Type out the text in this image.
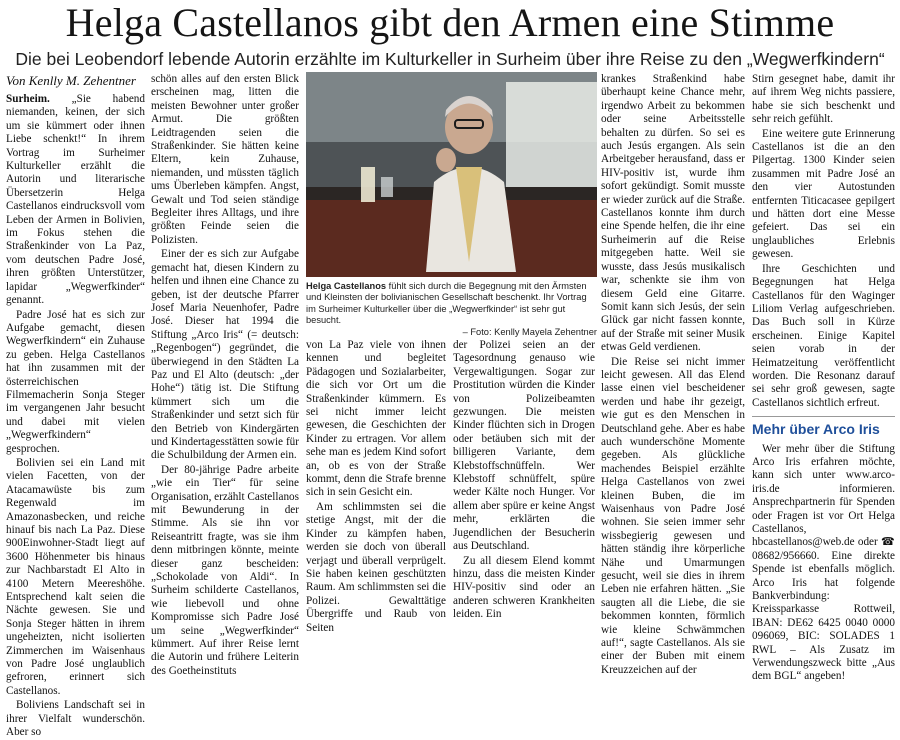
Helga Castellanos gibt den Armen eine Stimme
Die bei Leobendorf lebende Autorin erzählte im Kulturkeller in Surheim über ihre Reise zu den „Wegwerfkindern“
Von Kenlly M. Zehentner

Surheim. „Sie habend niemanden, keinen, der sich um sie kümmert oder ihnen Liebe schenkt!“ In ihrem Vortrag im Surheimer Kulturkeller erzählt die Autorin und literarische Übersetzerin Helga Castellanos eindrucksvoll vom Leben der Armen in Bolivien, im Fokus stehen die Straßenkinder von La Paz, vom deutschen Padre José, ihren größten Unterstützer, lapidar „Wegwerfkinder“ genannt.

Padre José hat es sich zur Aufgabe gemacht, diesen Wegwerfkindern“ ein Zuhause zu geben. Helga Castellanos hat ihn zusammen mit der österreichischen Filmemacherin Sonja Steger im vergangenen Jahr besucht und dabei mit vielen „Wegwerfkindern“ gesprochen.

Bolivien sei ein Land mit vielen Facetten, von der Atacamawüste bis zum Regenwald im Amazonasbecken, und reiche hinauf bis nach La Paz. Diese 900Einwohner-Stadt liegt auf 3600 Höhenmeter bis hinaus zur Nachbarstadt El Alto in 4100 Metern Meereshöhe. Entsprechend kalt seien die Nächte gewesen. Sie und Sonja Steger hätten in ihrem ungeheizten, nicht isolierten Zimmerchen im Waisenhaus von Padre José unglaublich gefroren, erinnert sich Castellanos.

Boliviens Landschaft sei in ihrer Vielfalt wunderschön. Aber so

schön alles auf den ersten Blick erscheinen mag, litten die meisten Bewohner unter großer Armut. Die größten Leidtragenden seien die Straßenkinder. Sie hätten keine Eltern, kein Zuhause, niemanden, und müssten täglich ums Überleben kämpfen. Angst, Gewalt und Tod seien ständige Begleiter ihres Alltags, und ihre größten Feinde seien die Polizisten.

Einer der es sich zur Aufgabe gemacht hat, diesen Kindern zu helfen und ihnen eine Chance zu geben, ist der deutsche Pfarrer Josef Maria Neuenhofer, Padre José. Dieser hat 1994 die Stiftung „Arco Iris“ (= deutsch: „Regenbogen“) gegründet, die überwiegend in den Städten La Paz und El Alto (deutsch: „der Hohe“) tätig ist. Die Stiftung kümmert sich um die Straßenkinder und setzt sich für den Betrieb von Kindergärten und Kindertagesstätten sowie für die Schulbildung der Armen ein.

Der 80-jährige Padre arbeite „wie ein Tier“ für seine Organisation, erzählt Castellanos mit Bewunderung in der Stimme. Als sie ihn vor Reiseantritt fragte, was sie ihm denn mitbringen könnte, meinte dieser ganz bescheiden: „Schokolade von Aldi“. In Surheim schilderte Castellanos, wie liebevoll und ohne Kompromisse sich Padre José um seine „Wegwerfkinder“ kümmert. Auf ihrer Reise lernt die Autorin und frühere Leiterin des Goetheinstituts

Helga Castellanos fühlt sich durch die Begegnung mit den Ärmsten und Kleinsten der bolivianischen Gesellschaft beschenkt. Ihr Vortrag im Surheimer Kulturkeller über die „Wegwerfkinder“ ist sehr gut besucht.
– Foto: Kenlly Mayela Zehentner

von La Paz viele von ihnen kennen und begleitet Pädagogen und Sozialarbeiter, die sich vor Ort um die Straßenkinder kümmern. Es sei nicht immer leicht gewesen, die Geschichten der Kinder zu ertragen. Vor allem sehe man es jedem Kind sofort an, ob es von der Straße kommt, denn die Strafe brenne sich in sein Gesicht ein.

Am schlimmsten sei die stetige Angst, mit der die Kinder zu kämpfen haben, werden sie doch von überall verjagt und überall verprügelt. Sie haben keinen geschützten Raum. Am schlimmsten sei die Polizei. Gewalttätige Übergriffe und Raub von Seiten

der Polizei seien an der Tagesordnung genauso wie Vergewaltigungen. Sogar zur Prostitution würden die Kinder von Polizeibeamten gezwungen. Die meisten Kinder flüchten sich in Drogen oder betäuben sich mit der billigeren Variante, dem Klebstoffschnüffeln. Wer Klebstoff schnüffelt, spüre weder Kälte noch Hunger. Vor allem aber spüre er keine Angst mehr, erklärten die Jugendlichen der Besucherin aus Deutschland.

Zu all diesem Elend kommt hinzu, dass die meisten Kinder HIV-positiv sind oder an anderen schweren Krankheiten leiden. Ein

krankes Straßenkind habe überhaupt keine Chance mehr, irgendwo Arbeit zu bekommen oder seine Arbeitsstelle behalten zu dürfen. So sei es auch Jesús ergangen. Als sein Arbeitgeber herausfand, dass er HIV-positiv ist, wurde ihm sofort gekündigt. Somit musste er wieder zurück auf die Straße. Castellanos konnte ihm durch eine Spende helfen, die ihr eine Surheimerin auf die Reise mitgegeben hatte. Weil sie wusste, dass Jesús musikalisch war, schenkte sie ihm von diesem Geld eine Gitarre. Somit kann sich Jesús, der sein Glück gar nicht fassen konnte, auf der Straße mit seiner Musik etwas Geld verdienen.

Die Reise sei nicht immer leicht gewesen. All das Elend lasse einen viel bescheidener werden und habe ihr gezeigt, wie gut es den Menschen in Deutschland gehe. Aber es habe auch wunderschöne Momente gegeben. Als glückliche machendes Beispiel erzählte Helga Castellanos von zwei kleinen Buben, die im Waisenhaus von Padre José wohnen. Sie seien immer sehr wissbegierig gewesen und hätten ständig ihre körperliche Nähe und Umarmungen gesucht, weil sie dies in ihrem Leben nie erfahren hätten. „Sie saugten all die Liebe, die sie bekommen konnten, förmlich wie kleine Schwämmchen auf!“, sagte Castellanos. Als sie einer der Buben mit einem Kreuzzeichen auf der

Stirn gesegnet habe, damit ihr auf ihrem Weg nichts passiere, habe sie sich beschenkt und sehr reich gefühlt.

Eine weitere gute Erinnerung Castellanos ist die an den Pilgertag. 1300 Kinder seien zusammen mit Padre José an den vier Autostunden entfernten Titicacasee gepilgert und hätten dort eine Messe gefeiert. Das sei ein unglaubliches Erlebnis gewesen.

Ihre Geschichten und Begegnungen hat Helga Castellanos für den Waginger Liliom Verlag aufgeschrieben. Das Buch soll in Kürze erscheinen. Einige Kapitel seien vorab in der Heimatzeitung veröffentlicht worden. Die Resonanz darauf sei sehr groß gewesen, sagte Castellanos sichtlich erfreut.

Mehr über Arco Iris

Wer mehr über die Stiftung Arco Iris erfahren möchte, kann sich unter www.arco-iris.de informieren. Ansprechpartnerin für Spenden oder Fragen ist vor Ort Helga Castellanos, hbcastellanos@web.de oder ☎ 08682/956660. Eine direkte Spende ist ebenfalls möglich. Arco Iris hat folgende Bankverbindung: Kreissparkasse Rottweil, IBAN: DE62 6425 0040 0000 096069, BIC: SOLADES 1 RWL – Als Zusatz im Verwendungszweck bitte „Aus dem BGL“ angeben!
